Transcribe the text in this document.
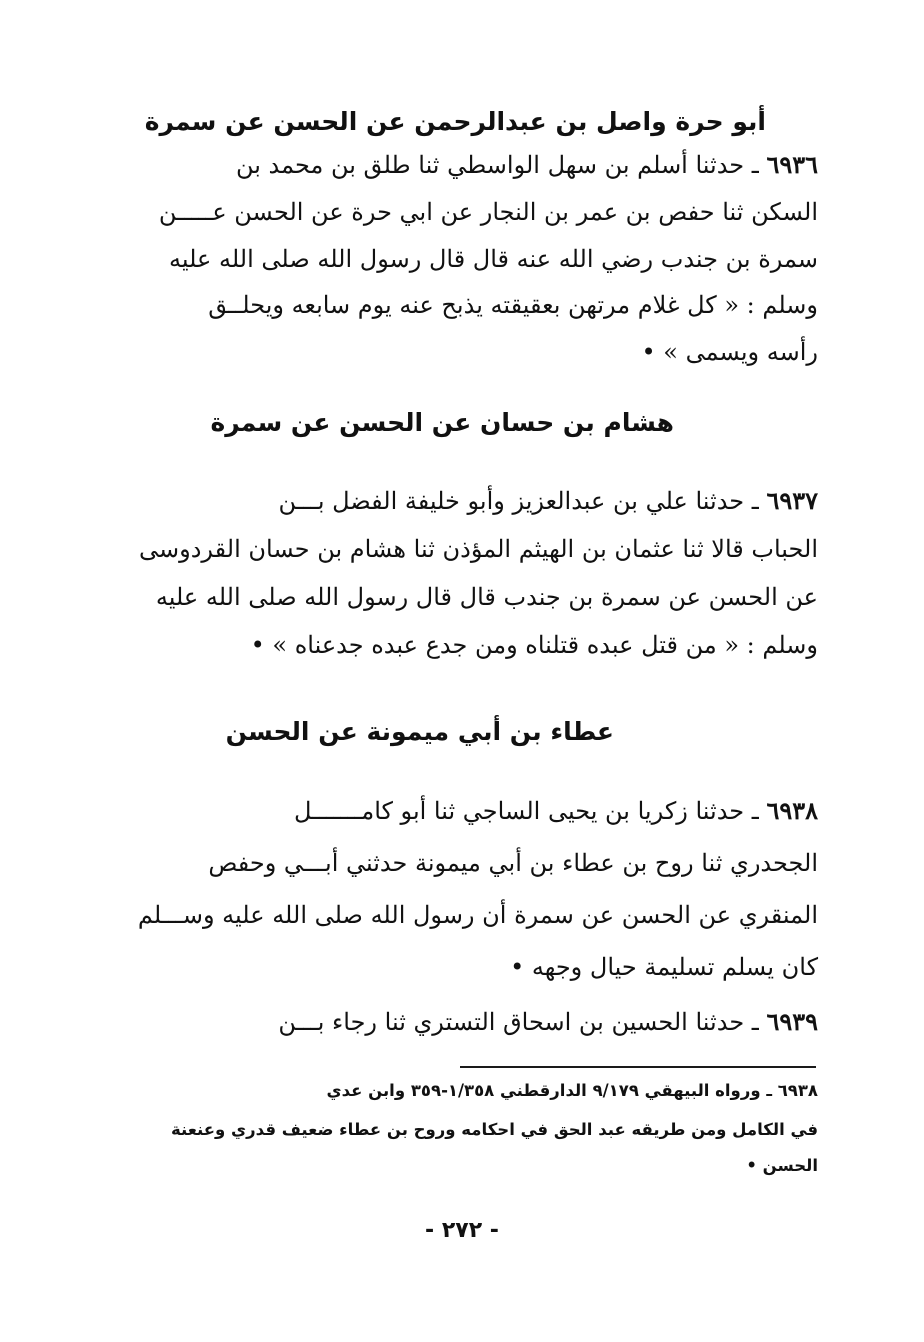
أبو حرة واصل بن عبدالرحمن عن الحسن عن سمرة
٦٩٣٦ ـ حدثنا أسلم بن سهل الواسطي ثنا طلق بن محمد بن
السكن ثنا حفص بن عمر بن النجار عن ابي حرة عن الحسن عـــــن
سمرة بن جندب رضي الله عنه قال قال رسول الله صلى الله عليه
وسلم : « كل غلام مرتهن بعقيقته يذبح عنه يوم سابعه ويحلــق
رأسه ويسمى » •
هشام بن حسان عن الحسن عن سمرة
٦٩٣٧ ـ حدثنا علي بن عبدالعزيز وأبو خليفة الفضل بـــن
الحباب قالا ثنا عثمان بن الهيثم المؤذن ثنا هشام بن حسان القردوسى
عن الحسن عن سمرة بن جندب قال قال رسول الله صلى الله عليه
وسلم : « من قتل عبده قتلناه ومن جدع عبده جدعناه » •
عطاء بن أبي ميمونة عن الحسن
٦٩٣٨ ـ حدثنا زكريا بن يحيى الساجي ثنا أبو كامـــــــل
الجحدري ثنا روح بن عطاء بن أبي ميمونة حدثني أبـــي وحفص
المنقري عن الحسن عن سمرة أن رسول الله صلى الله عليه وســـلم
كان يسلم تسليمة حيال وجهه •
٦٩٣٩ ـ حدثنا الحسين بن اسحاق التستري ثنا رجاء بـــن
٦٩٣٨ ـ ورواه البيهقي ٩/١٧٩ الدارقطني ١/٣٥٨-٣٥٩ وابن عدي
في الكامل ومن طريقه عبد الحق في احكامه وروح بن عطاء ضعيف قدري وعنعنة
الحسن •
- ٢٧٢ -
